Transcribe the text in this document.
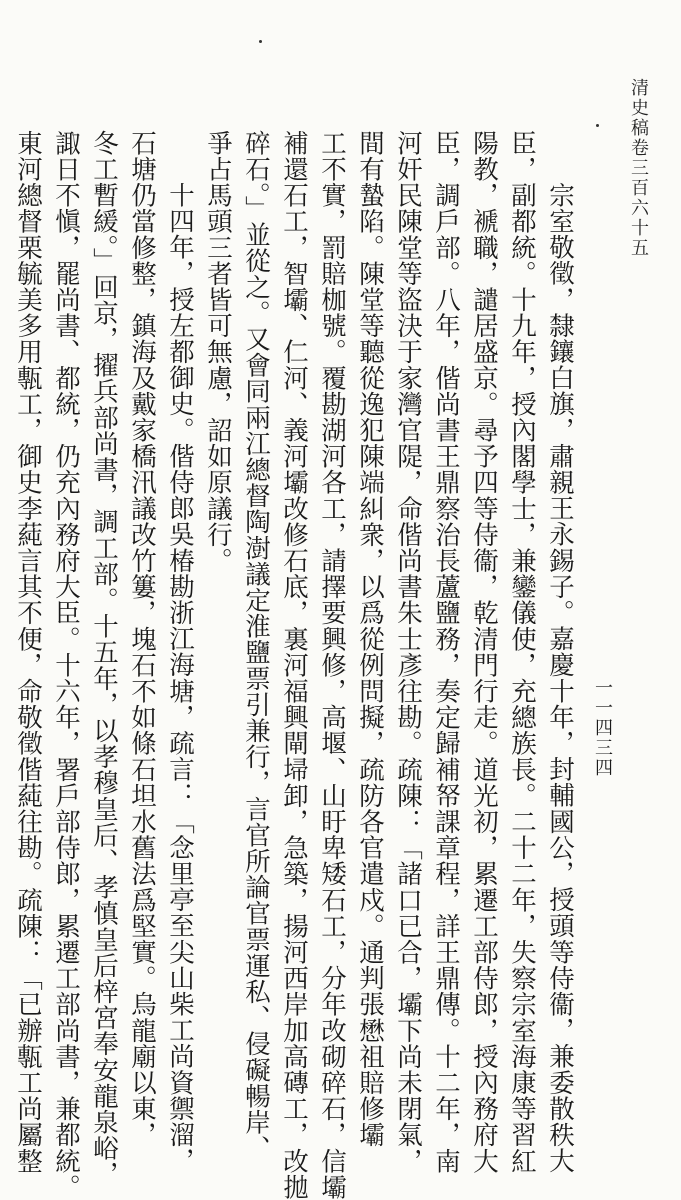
清史稿卷三百六十五
一一四三四
宗室敬徵，隸鑲白旗，肅親王永錫子。嘉慶十年，封輔國公，授頭等侍衞，兼委散秩大
臣，副都統。十九年，授內閣學士，兼鑾儀使，充總族長。二十二年，失察宗室海康等習紅
陽教，褫職，譴居盛京。尋予四等侍衞，乾清門行走。道光初，累遷工部侍郎，授內務府大
臣，調戶部。八年，偕尚書王鼎察治長蘆鹽務，奏定歸補帑課章程，詳王鼎傳。十二年，南
河奸民陳堂等盜決于家灣官隄，命偕尚書朱士彥往勘。疏陳：「諸口已合，壩下尚未閉氣，
間有蟄陷。陳堂等聽從逸犯陳端糾衆，以爲從例問擬，疏防各官遣戍。通判張懋祖賠修壩
工不實，罰賠枷號。覆勘湖河各工，請擇要興修，高堰、山盱卑矮石工，分年改砌碎石，信壩
補還石工，智壩、仁河、義河壩改修石底，裏河福興閘埽卸，急築，揚河西岸加高磚工，改拋
碎石。」並從之。又會同兩江總督陶澍議定淮鹽票引兼行，言官所論官票運私、侵礙暢岸、
爭占馬頭三者皆可無慮，詔如原議行。
十四年，授左都御史。偕侍郎吳椿勘浙江海塘，疏言：「念里亭至尖山柴工尚資禦溜，
石塘仍當修整，鎮海及戴家橋汛議改竹簍，塊石不如條石坦水舊法爲堅實。烏龍廟以東，
冬工暫緩。」回京，擢兵部尚書，調工部。十五年，以孝穆皇后、孝慎皇后梓宮奉安龍泉峪，
諏日不愼，罷尚書、都統，仍充內務府大臣。十六年，署戶部侍郎，累遷工部尚書，兼都統。
東河總督栗毓美多用甎工，御史李蒓言其不便，命敬徵偕蒓往勘。疏陳：「已辦甎工尚屬整
